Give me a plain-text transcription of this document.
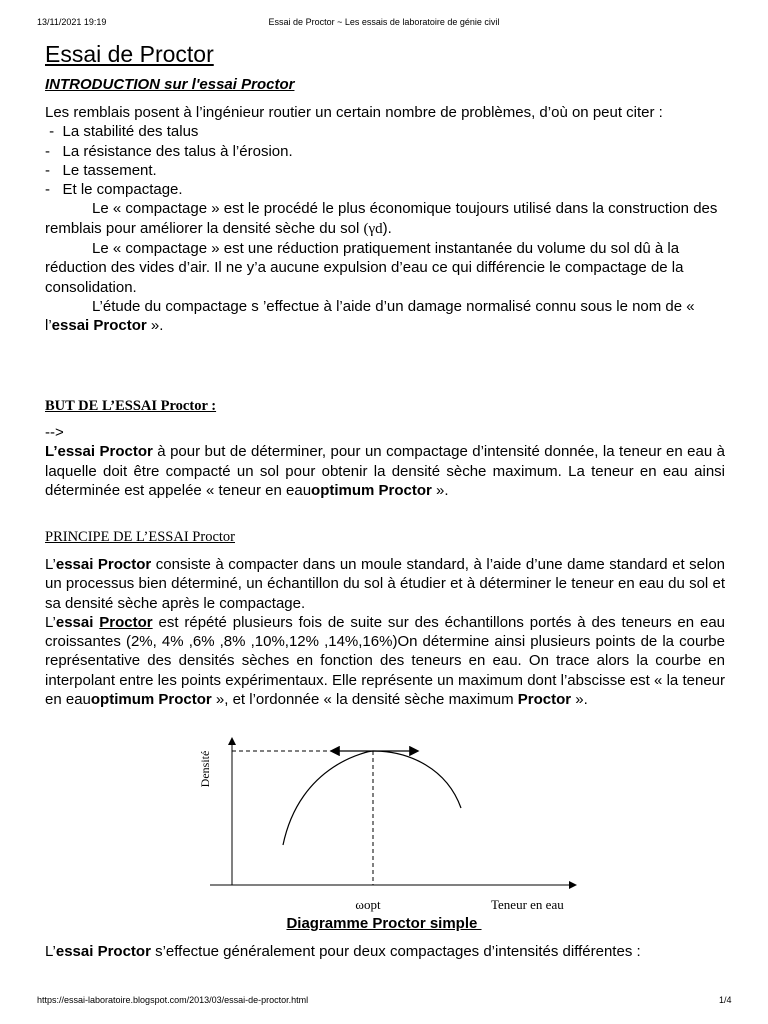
13/11/2021 19:19	Essai de Proctor ~ Les essais de laboratoire de génie civil
Essai de Proctor
INTRODUCTION sur l'essai Proctor

Les remblais posent à l’ingénieur routier un certain nombre de problèmes, d’où on peut citer :

-  La stabilité des talus

-   La résistance des talus à l’érosion.

-   Le tassement.

-   Et le compactage.

Le « compactage » est le procédé le plus économique toujours utilisé dans la construction des remblais pour améliorer la densité sèche du sol (γd).

Le « compactage » est une réduction pratiquement instantanée du volume du sol dû à la réduction des vides d’air. Il ne y’a aucune expulsion d’eau ce qui différencie le compactage de la consolidation.

L’étude du compactage s ’effectue à l’aide d’un damage normalisé connu sous le nom de « l’essai Proctor ».

BUT DE L’ESSAI Proctor :

-->

L’essai Proctor à pour but de déterminer, pour un compactage d’intensité donnée, la teneur en eau à laquelle doit être compacté un sol pour obtenir la densité sèche maximum. La teneur en eau ainsi déterminée est appelée « teneur en eauoptimum Proctor ».

PRINCIPE DE L’ESSAI Proctor

L’essai Proctor consiste à compacter dans un moule standard, à l’aide d’une dame standard et selon un processus bien déterminé, un échantillon du sol à étudier et à déterminer le teneur en eau du sol et sa densité sèche après le compactage.

L’essai Proctor est répété plusieurs fois de suite sur des échantillons portés à des teneurs en eau croissantes (2%, 4% ,6% ,8% ,10%,12% ,14%,16%)On détermine ainsi plusieurs points de la courbe représentative des densités sèches en fonction des teneurs en eau. On trace alors la courbe en interpolant entre les points expérimentaux. Elle représente un maximum dont l’abscisse est « la teneur en eauoptimum Proctor », et l’ordonnée « la densité sèche maximum Proctor ».

Densité
Teneur en eau
ωopt
Diagramme Proctor simple

L’essai Proctor s’effectue généralement pour deux compactages d’intensités différentes :

https://essai-laboratoire.blogspot.com/2013/03/essai-de-proctor.html	1/4
